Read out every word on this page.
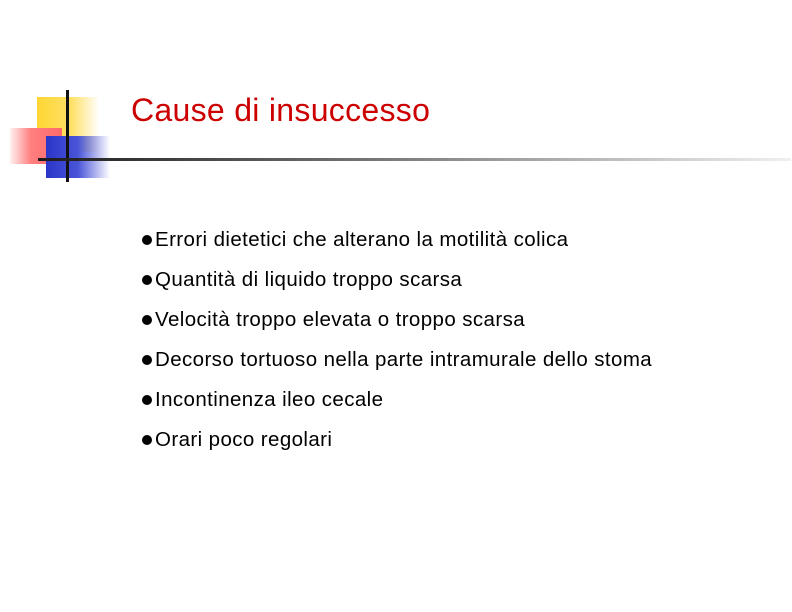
Cause di insuccesso
Errori dietetici che alterano la motilità colica
Quantità di liquido troppo scarsa
Velocità troppo elevata o troppo scarsa
Decorso tortuoso nella parte intramurale dello stoma
Incontinenza ileo cecale
Orari poco regolari
